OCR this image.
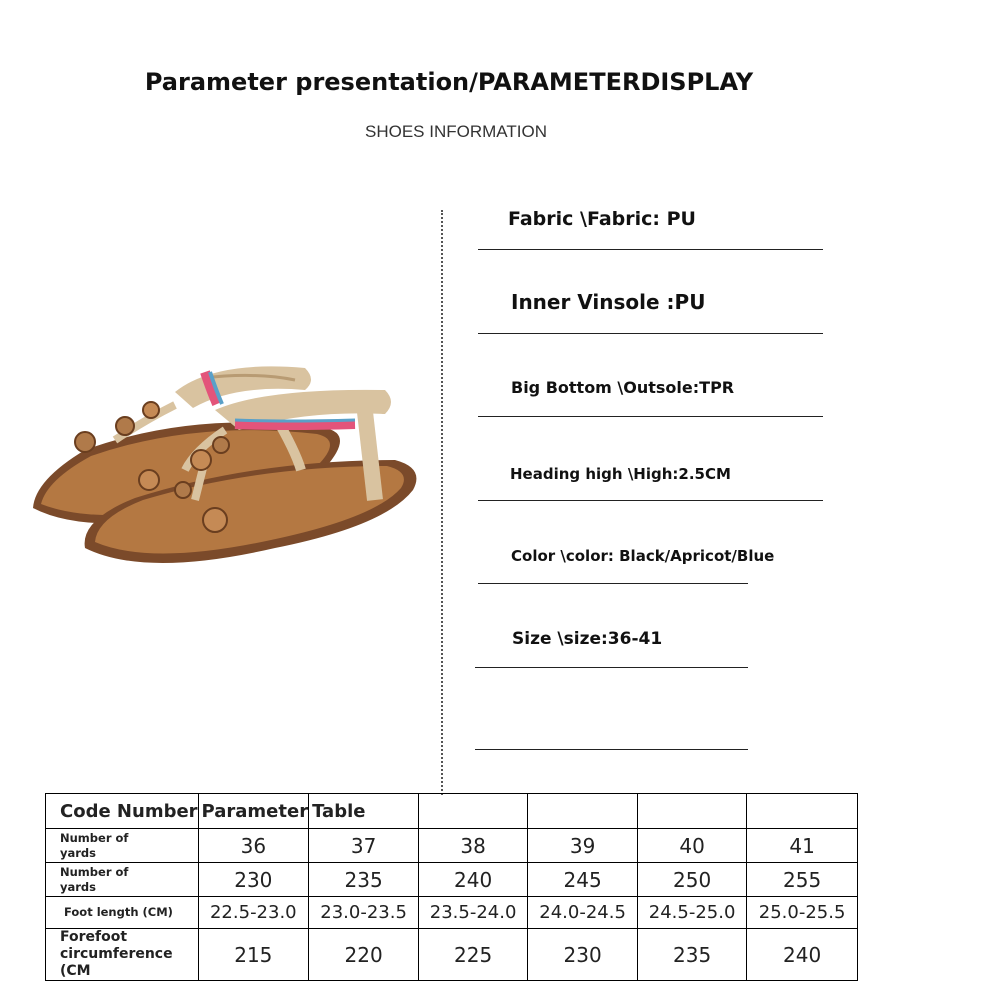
Parameter presentation/PARAMETERDISPLAY
SHOES INFORMATION
Fabric \Fabric: PU
Inner Vinsole :PU
Big Bottom \Outsole:TPR
Heading high \High:2.5CM
Color \color: Black/Apricot/Blue
Size \size:36-41
Code Number	Parameter	Table				
Number of yards	36	37	38	39	40	41
Number of yards	230	235	240	245	250	255
Foot length (CM)	22.5-23.0	23.0-23.5	23.5-24.0	24.0-24.5	24.5-25.0	25.0-25.5
Forefoot circumference (CM	215	220	225	230	235	240
